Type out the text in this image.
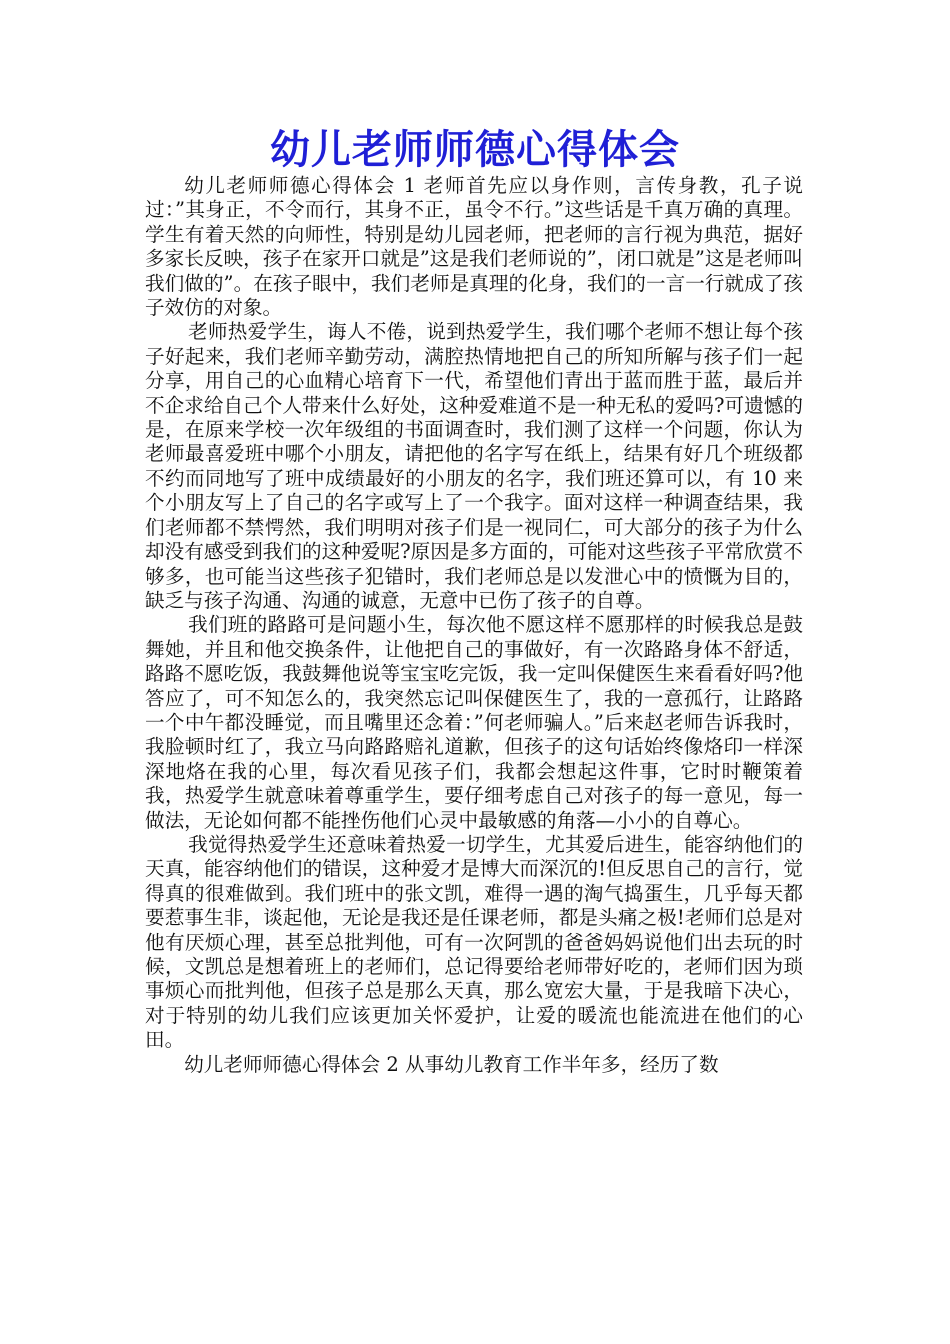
幼儿老师师德心得体会

幼儿老师师德心得体会 1 老师首先应以身作则，言传身教，孔子说过：”其身正，不令而行，其身不正，虽令不行。”这些话是千真万确的真理。学生有着天然的向师性，特别是幼儿园老师，把老师的言行视为典范，据好多家长反映，孩子在家开口就是”这是我们老师说的”，闭口就是”这是老师叫我们做的”。在孩子眼中，我们老师是真理的化身，我们的一言一行就成了孩子效仿的对象。

老师热爱学生，诲人不倦，说到热爱学生，我们哪个老师不想让每个孩子好起来，我们老师辛勤劳动，满腔热情地把自己的所知所解与孩子们一起分享，用自己的心血精心培育下一代，希望他们青出于蓝而胜于蓝，最后并不企求给自己个人带来什么好处，这种爱难道不是一种无私的爱吗?可遗憾的是，在原来学校一次年级组的书面调查时，我们测了这样一个问题，你认为老师最喜爱班中哪个小朋友，请把他的名字写在纸上，结果有好几个班级都不约而同地写了班中成绩最好的小朋友的名字，我们班还算可以，有 10 来个小朋友写上了自己的名字或写上了一个我字。面对这样一种调查结果，我们老师都不禁愕然，我们明明对孩子们是一视同仁，可大部分的孩子为什么却没有感受到我们的这种爱呢?原因是多方面的，可能对这些孩子平常欣赏不够多，也可能当这些孩子犯错时，我们老师总是以发泄心中的愤慨为目的，缺乏与孩子沟通、沟通的诚意，无意中已伤了孩子的自尊。

我们班的路路可是问题小生，每次他不愿这样不愿那样的时候我总是鼓舞她，并且和他交换条件，让他把自己的事做好，有一次路路身体不舒适，路路不愿吃饭，我鼓舞他说等宝宝吃完饭，我一定叫保健医生来看看好吗?他答应了，可不知怎么的，我突然忘记叫保健医生了，我的一意孤行，让路路一个中午都没睡觉，而且嘴里还念着：”何老师骗人。”后来赵老师告诉我时，我脸顿时红了，我立马向路路赔礼道歉，但孩子的这句话始终像烙印一样深深地烙在我的心里，每次看见孩子们，我都会想起这件事，它时时鞭策着我，热爱学生就意味着尊重学生，要仔细考虑自己对孩子的每一意见，每一做法，无论如何都不能挫伤他们心灵中最敏感的角落—小小的自尊心。

我觉得热爱学生还意味着热爱一切学生，尤其爱后进生，能容纳他们的天真，能容纳他们的错误，这种爱才是博大而深沉的!但反思自己的言行，觉得真的很难做到。我们班中的张文凯，难得一遇的淘气捣蛋生，几乎每天都要惹事生非，谈起他，无论是我还是任课老师，都是头痛之极!老师们总是对他有厌烦心理，甚至总批判他，可有一次阿凯的爸爸妈妈说他们出去玩的时候，文凯总是想着班上的老师们，总记得要给老师带好吃的，老师们因为琐事烦心而批判他，但孩子总是那么天真，那么宽宏大量，于是我暗下决心，对于特别的幼儿我们应该更加关怀爱护，让爱的暖流也能流进在他们的心田。

幼儿老师师德心得体会 2 从事幼儿教育工作半年多，经历了数
